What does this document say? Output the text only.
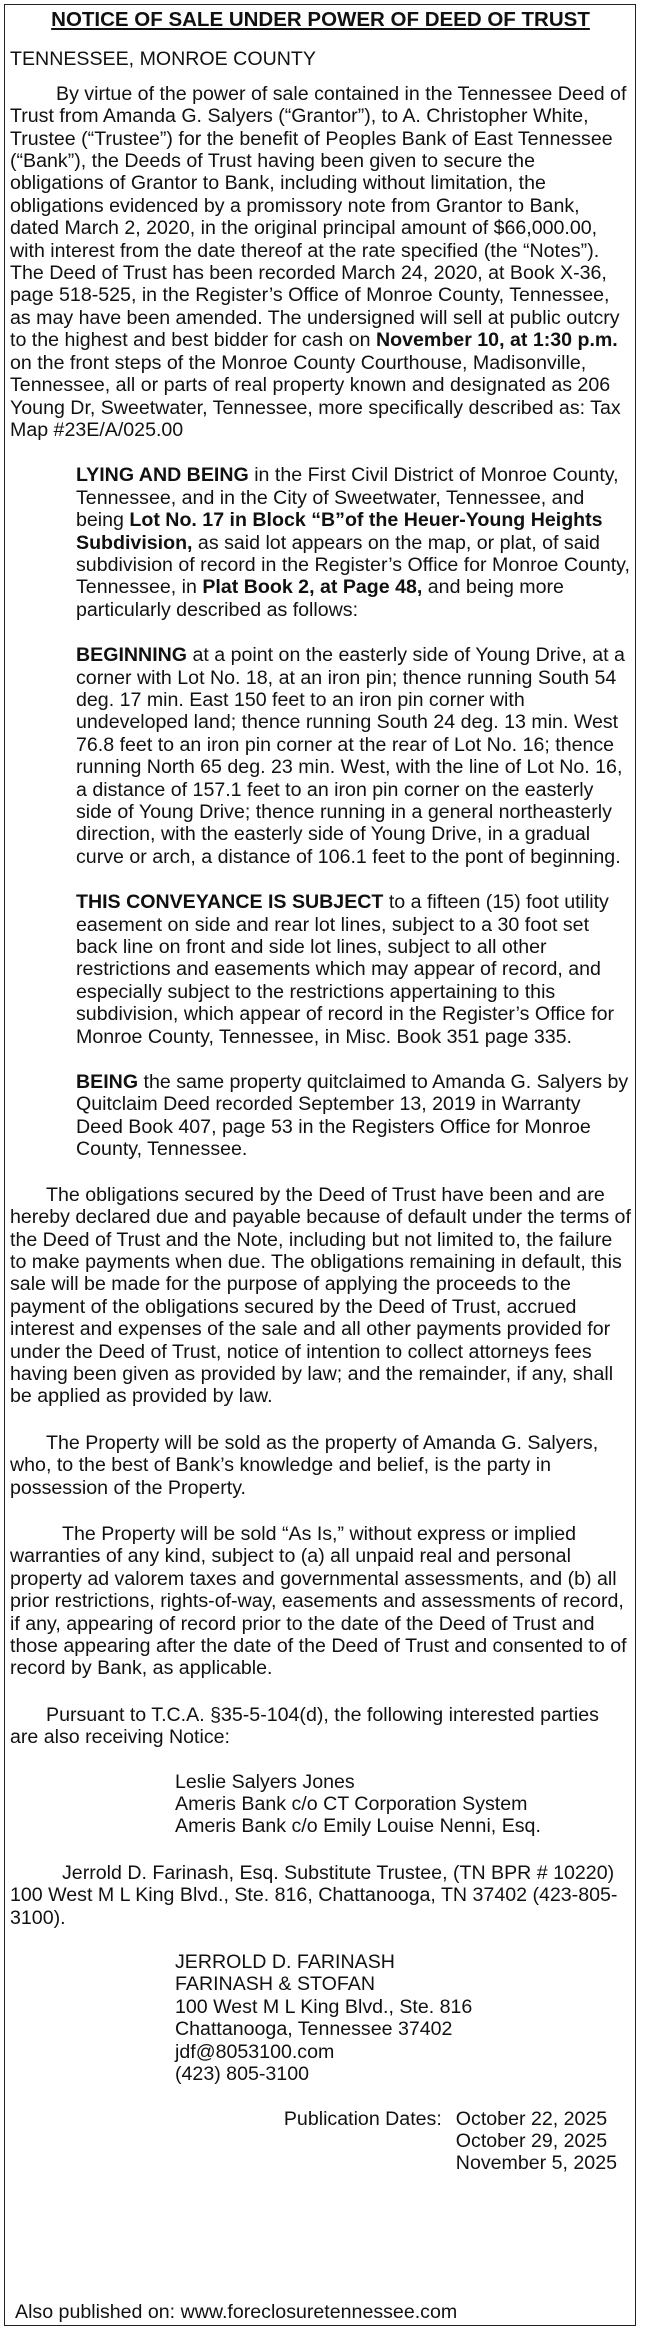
NOTICE OF SALE UNDER POWER OF DEED OF TRUST

TENNESSEE, MONROE COUNTY

By virtue of the power of sale contained in the Tennessee Deed of Trust from Amanda G. Salyers (“Grantor”), to A. Christopher White, Trustee (“Trustee”) for the benefit of Peoples Bank of East Tennessee (“Bank”), the Deeds of Trust having been given to secure the obligations of Grantor to Bank, including without limitation, the obligations evidenced by a promissory note from Grantor to Bank, dated March 2, 2020, in the original principal amount of $66,000.00, with interest from the date thereof at the rate specified (the “Notes”). The Deed of Trust has been recorded March 24, 2020, at Book X-36, page 518-525, in the Register’s Office of Monroe County, Tennessee, as may have been amended. The undersigned will sell at public outcry to the highest and best bidder for cash on November 10, at 1:30 p.m. on the front steps of the Monroe County Courthouse, Madisonville, Tennessee, all or parts of real property known and designated as 206 Young Dr, Sweetwater, Tennessee, more specifically described as: Tax Map #23E/A/025.00

LYING AND BEING in the First Civil District of Monroe County, Tennessee, and in the City of Sweetwater, Tennessee, and being Lot No. 17 in Block “B”of the Heuer-Young Heights Subdivision, as said lot appears on the map, or plat, of said subdivision of record in the Register’s Office for Monroe County, Tennessee, in Plat Book 2, at Page 48, and being more particularly described as follows:

BEGINNING at a point on the easterly side of Young Drive, at a corner with Lot No. 18, at an iron pin; thence running South 54 deg. 17 min. East 150 feet to an iron pin corner with undeveloped land; thence running South 24 deg. 13 min. West 76.8 feet to an iron pin corner at the rear of Lot No. 16; thence running North 65 deg. 23 min. West, with the line of Lot No. 16, a distance of 157.1 feet to an iron pin corner on the easterly side of Young Drive; thence running in a general northeasterly direction, with the easterly side of Young Drive, in a gradual curve or arch, a distance of 106.1 feet to the pont of beginning.

THIS CONVEYANCE IS SUBJECT to a fifteen (15) foot utility easement on side and rear lot lines, subject to a 30 foot set back line on front and side lot lines, subject to all other restrictions and easements which may appear of record, and especially subject to the restrictions appertaining to this subdivision, which appear of record in the Register’s Office for Monroe County, Tennessee, in Misc. Book 351 page 335.

BEING the same property quitclaimed to Amanda G. Salyers by Quitclaim Deed recorded September 13, 2019 in Warranty Deed Book 407, page 53 in the Registers Office for Monroe County, Tennessee.

The obligations secured by the Deed of Trust have been and are hereby declared due and payable because of default under the terms of the Deed of Trust and the Note, including but not limited to, the failure to make payments when due. The obligations remaining in default, this sale will be made for the purpose of applying the proceeds to the payment of the obligations secured by the Deed of Trust, accrued interest and expenses of the sale and all other payments provided for under the Deed of Trust, notice of intention to collect attorneys fees having been given as provided by law; and the remainder, if any, shall be applied as provided by law.

The Property will be sold as the property of Amanda G. Salyers, who, to the best of Bank’s knowledge and belief, is the party in possession of the Property.

The Property will be sold “As Is,” without express or implied warranties of any kind, subject to (a) all unpaid real and personal property ad valorem taxes and governmental assessments, and (b) all prior restrictions, rights-of-way, easements and assessments of record, if any, appearing of record prior to the date of the Deed of Trust and those appearing after the date of the Deed of Trust and consented to of record by Bank, as applicable.

Pursuant to T.C.A. §35-5-104(d), the following interested parties are also receiving Notice:

Leslie Salyers Jones
Ameris Bank c/o CT Corporation System
Ameris Bank c/o Emily Louise Nenni, Esq.

Jerrold D. Farinash, Esq. Substitute Trustee, (TN BPR # 10220) 100 West M L King Blvd., Ste. 816, Chattanooga, TN 37402 (423-805-3100).

JERROLD D. FARINASH
FARINASH & STOFAN
100 West M L King Blvd., Ste. 816
Chattanooga, Tennessee 37402
jdf@8053100.com
(423) 805-3100
Publication Dates: October 22, 2025
October 29, 2025
November 5, 2025
Also published on: www.foreclosuretennessee.com
